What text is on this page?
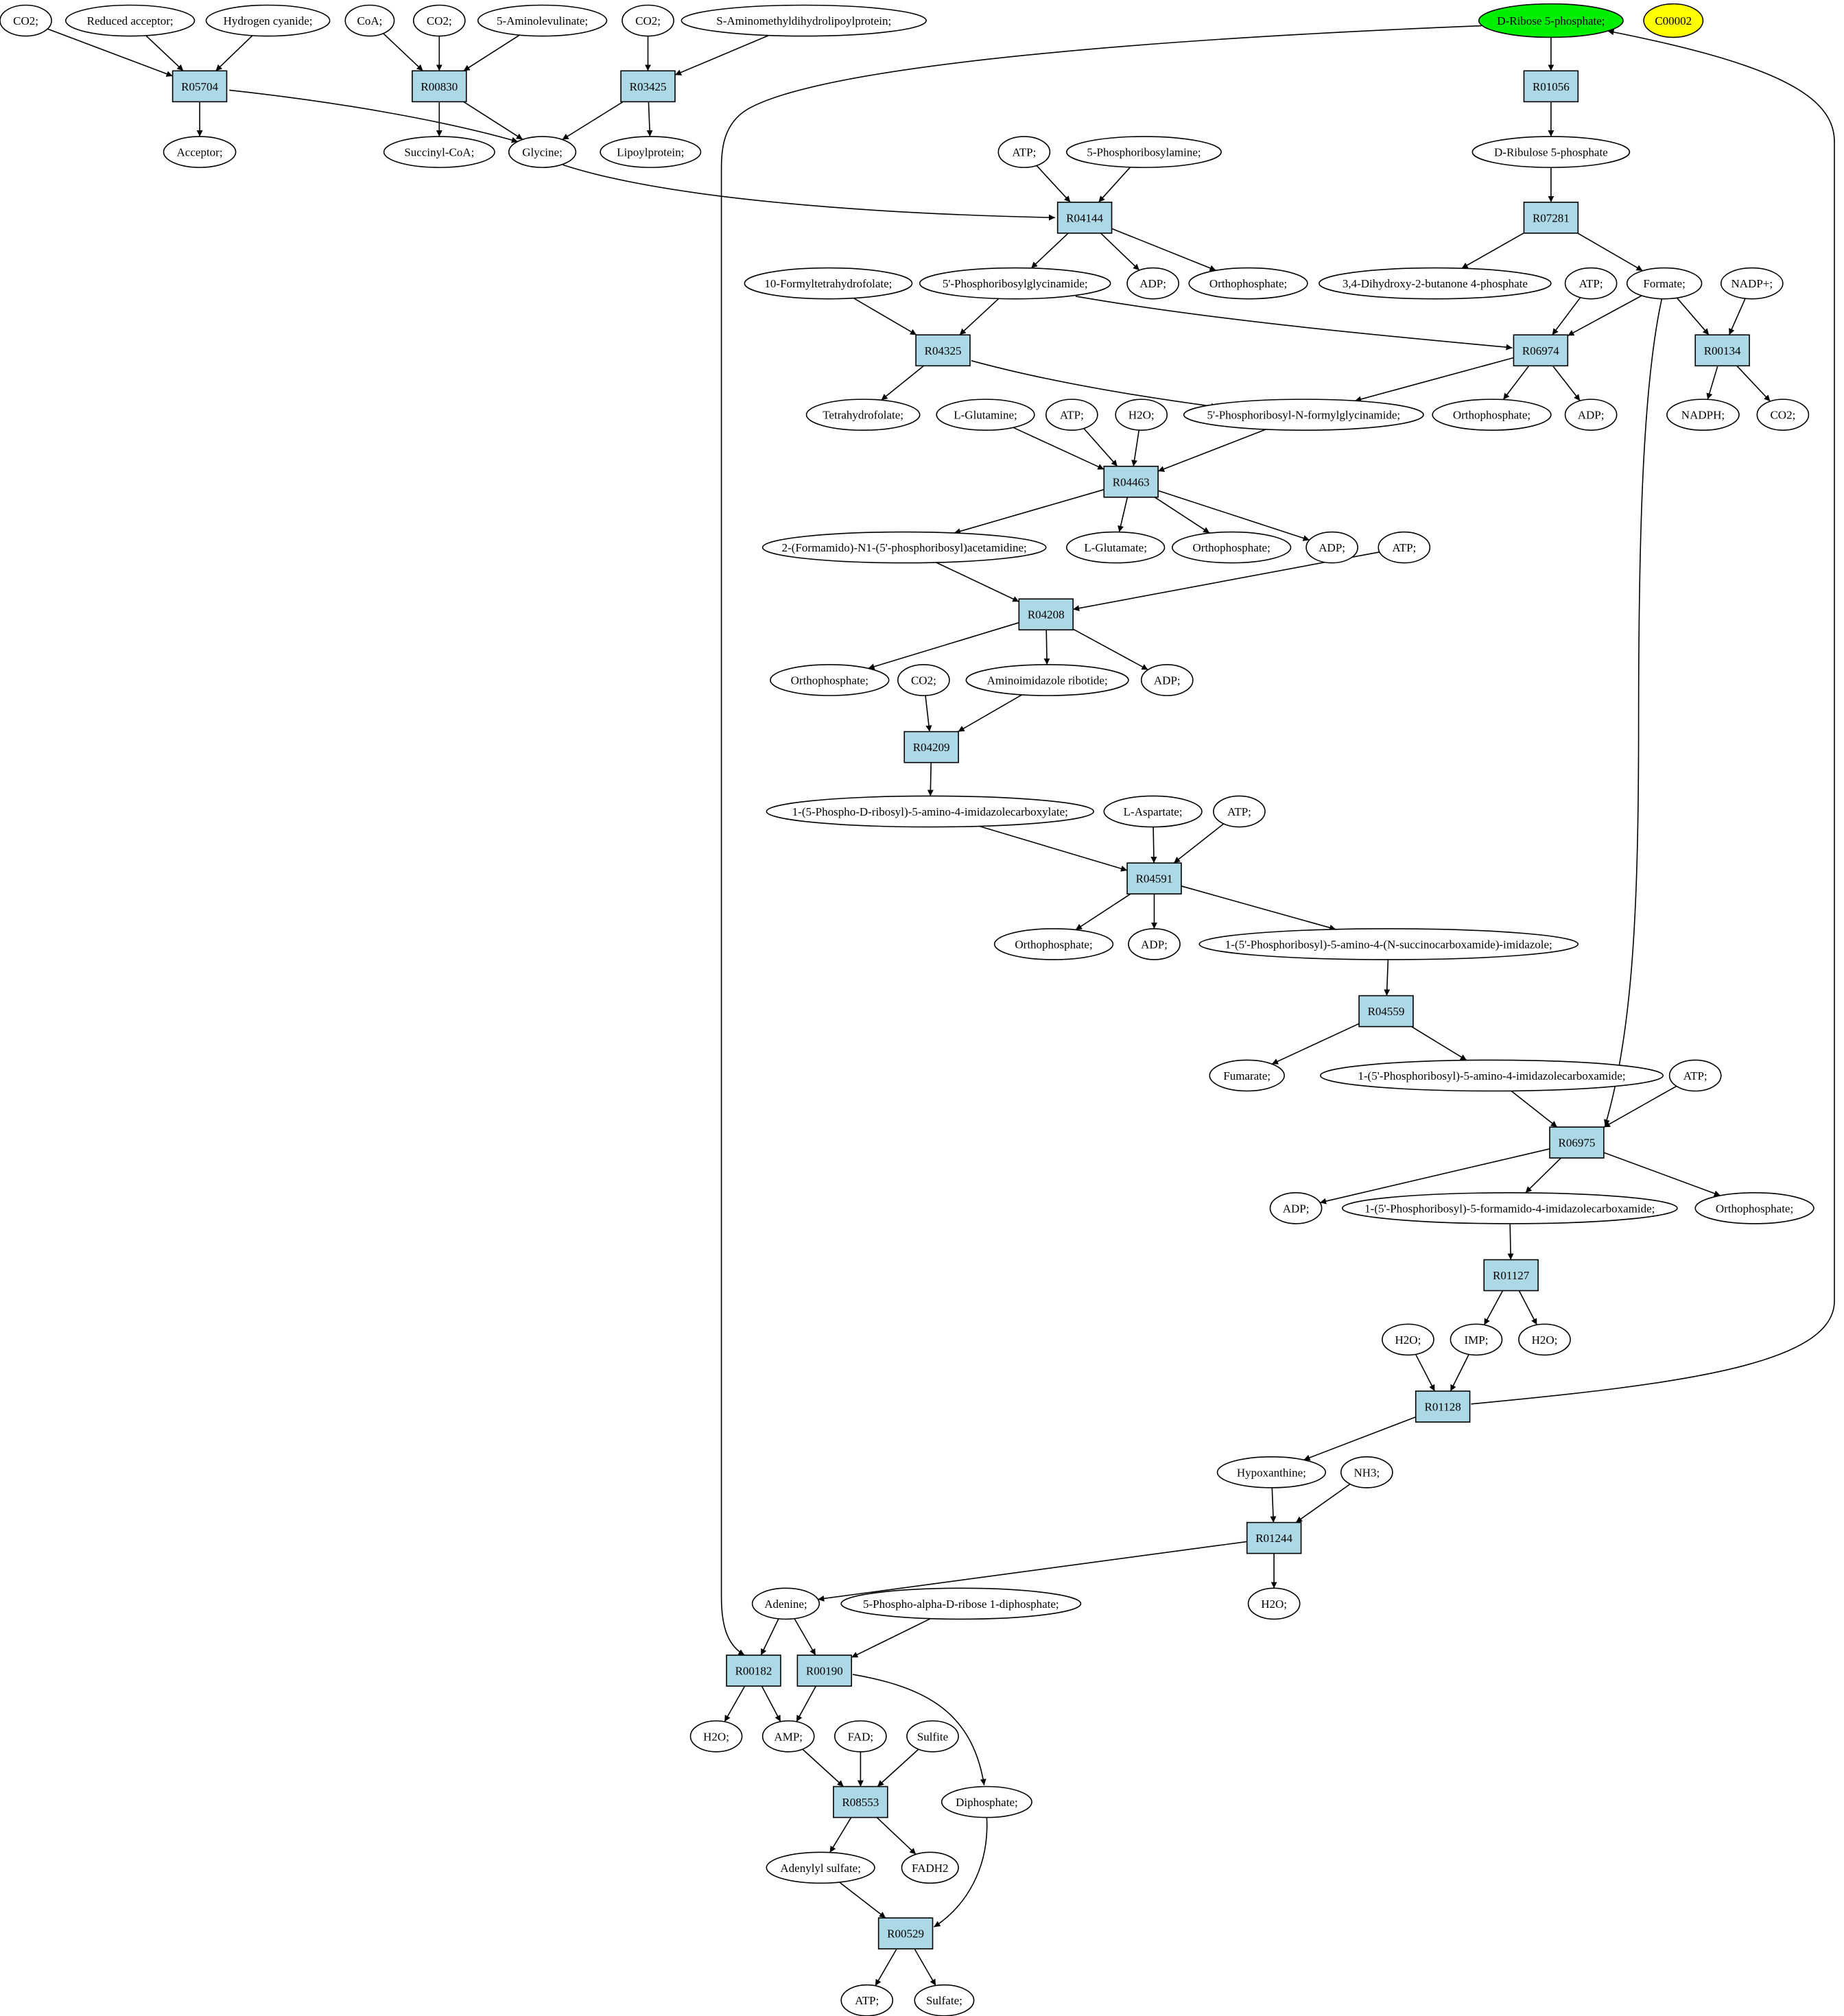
CO2;	Reduced acceptor;	Hydrogen cyanide;	CoA;	CO2;	5-Aminolevulinate;	CO2;	S-Aminomethyldihydrolipoylprotein;	D-Ribose 5-phosphate;	C00002
Acceptor;	Succinyl-CoA;	Glycine;	Lipoylprotein;	ATP;	5-Phosphoribosylamine;	D-Ribulose 5-phosphate
5'-Phosphoribosylglycinamide;	ADP;	Orthophosphate;
10-Formyltetrahydrofolate;	3,4-Dihydroxy-2-butanone 4-phosphate	ATP;	Formate;	NADP+;
Tetrahydrofolate;	L-Glutamine;	ATP;	H2O;	5'-Phosphoribosyl-N-formylglycinamide;	Orthophosphate;	ADP;	NADPH;	CO2;
2-(Formamido)-N1-(5'-phosphoribosyl)acetamidine;	L-Glutamate;	Orthophosphate;	ADP;	ATP;
Orthophosphate;	CO2;	Aminoimidazole ribotide;	ADP;
1-(5-Phospho-D-ribosyl)-5-amino-4-imidazolecarboxylate;	L-Aspartate;	ATP;
Orthophosphate;	ADP;	1-(5'-Phosphoribosyl)-5-amino-4-(N-succinocarboxamide)-imidazole;
Fumarate;	1-(5'-Phosphoribosyl)-5-amino-4-imidazolecarboxamide;	ATP;
ADP;	1-(5'-Phosphoribosyl)-5-formamido-4-imidazolecarboxamide;	Orthophosphate;
H2O;	IMP;	H2O;
Hypoxanthine;	NH3;
H2O;
Adenine;	5-Phospho-alpha-D-ribose 1-diphosphate;
H2O;	AMP;	FAD;	Sulfite
Diphosphate;
Adenylyl sulfate;	FADH2
ATP;	Sulfate;
R05704	R00830	R03425	R01056
R04144	R07281
R04325	R06974	R00134
R04463
R04208
R04209
R04591
R04559
R06975
R01127
R01128
R01244
R00182	R00190
R08553
R00529
